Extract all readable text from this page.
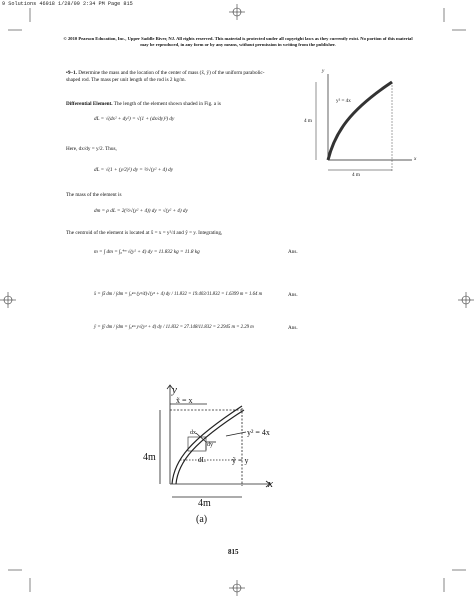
9 Solutions 46918 1/28/09 2:34 PM Page 815
© 2010 Pearson Education, Inc., Upper Saddle River, NJ. All rights reserved. This material is protected under all copyright laws as they currently exist. No portion of this material may be reproduced, in any form or by any means, without permission in writing from the publisher.
•9–1. Determine the mass and the location of the center of mass (x̄, ȳ) of the uniform parabolic-shaped rod. The mass per unit length of the rod is 2 kg/m.
y² = 4x
4 m
4 m
x
y
Differential Element. The length of the element shown shaded in Fig. a is
dL = √(dx² + dy²) = √(1 + (dx/dy)²) dy
Here, dx/dy = y/2. Thus,
dL = √(1 + (y/2)²) dy = ½√(y² + 4) dy
The mass of the element is
dm = ρ dL = 2(½√(y² + 4)) dy = √(y² + 4) dy
The centroid of the element is located at x̃ = x = y²/4 and ỹ = y. Integrating,
m = ∫ dm = ∫₀⁴ᵐ √(y² + 4) dy = 11.832 kg = 11.8 kg	Ans.
x̄ = ∫x̃ dm / ∫dm = ∫₀⁴ᵐ (y²/4)√(y² + 4) dy / 11.832 = 19.403/11.832 = 1.6399 m = 1.64 m	Ans.
ȳ = ∫ỹ dm / ∫dm = ∫₀⁴ᵐ y√(y² + 4) dy / 11.832 = 27.148/11.832 = 2.2945 m = 2.29 m	Ans.
y
x
x̃ = x
y² = 4x
ỹ = y
4m
4m
dL
dy
dx
(a)
815
